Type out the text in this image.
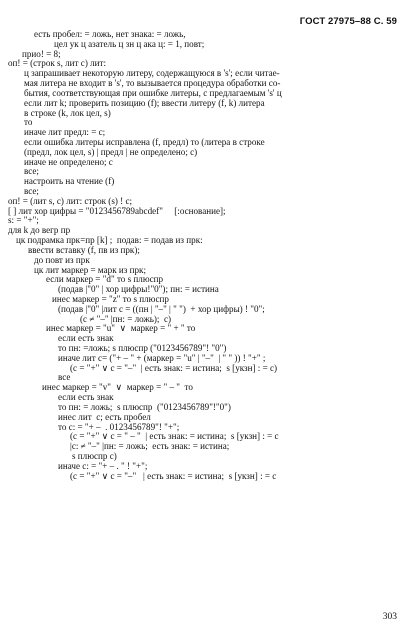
ГОСТ 27975–88 С. 59
есть пробел: = ложь, нет знака: = ложь,
цел ук ц азатель ц зн ц ака ц: = 1, повт;
прио! = 8;
оп! = (строк s, лит с) лит:
ц запрашивает некоторую литеру, содержащуюся в 's'; если читае-
мая литера не входит в 's', то вызывается процедура обработки со-
бытия, соответствующая при ошибке литеры, с предлагаемым 's' ц
если лит k; проверить позицию (f); ввести литеру (f, k) литера
в строке (k, лок цел, s)
то
иначе лит предл: = с;
если ошибка литеры исправлена (f, предл) то (литера в строке
(предл, лок цел, s) | предл | не определено; с)
иначе не определено; с
все;
настроить на чтение (f)
все;
оп! = (лит s, с) лит: строк (s) ! с;
[ ] лит хор цифры = "0123456789abcdef"     [:основание];
s: = "+";
для k до вегр пр
цк подрамка прк=пр [k] ;  подав: = подав из прк:
ввести вставку (f, пв из прк);
до повт из прк
цк лит маркер = марк из прк;
если маркер = "d" то s плюспр
(подав |"0" | хор цифры!"0"); пн: = истина
инес маркер = "z" то s плюспр
(подав |"0" |лит с = ((пн | "–" | " ")  + хор цифры) ! "0";
(с ≠ "–" |пн: = ложь);  с)
инес маркер = "u"  ∨  маркер = " + " то
если есть знак
то пн: =ложь; s плюспр ("0123456789"! "0")
иначе лит с= ("+ – " + (маркер = "u" | "–"  | " " )) ! "+" ;
(с = "+" ∨ с = "–"  | есть знак: = истина;  s [укзн] : = с)
все
инес маркер = "v"  ∨  маркер = " – "  то
если есть знак
то пн: = ложь;  s плюспр  ("0123456789"!"0")
инес лит  с; есть пробел
то с: = "+ –  . 0123456789"! "+";
(с = "+" ∨ с = " – "  | есть знак: = истина;  s [укзн] : = с
|с: ≠ "–" |пн: = ложь;  есть знак: = истина;
s плюспр с)
иначе с: = "+ – . " ! "+";
(с = "+" ∨ с = "–"   | есть знак: = истина;  s [укзн] : = с
303
